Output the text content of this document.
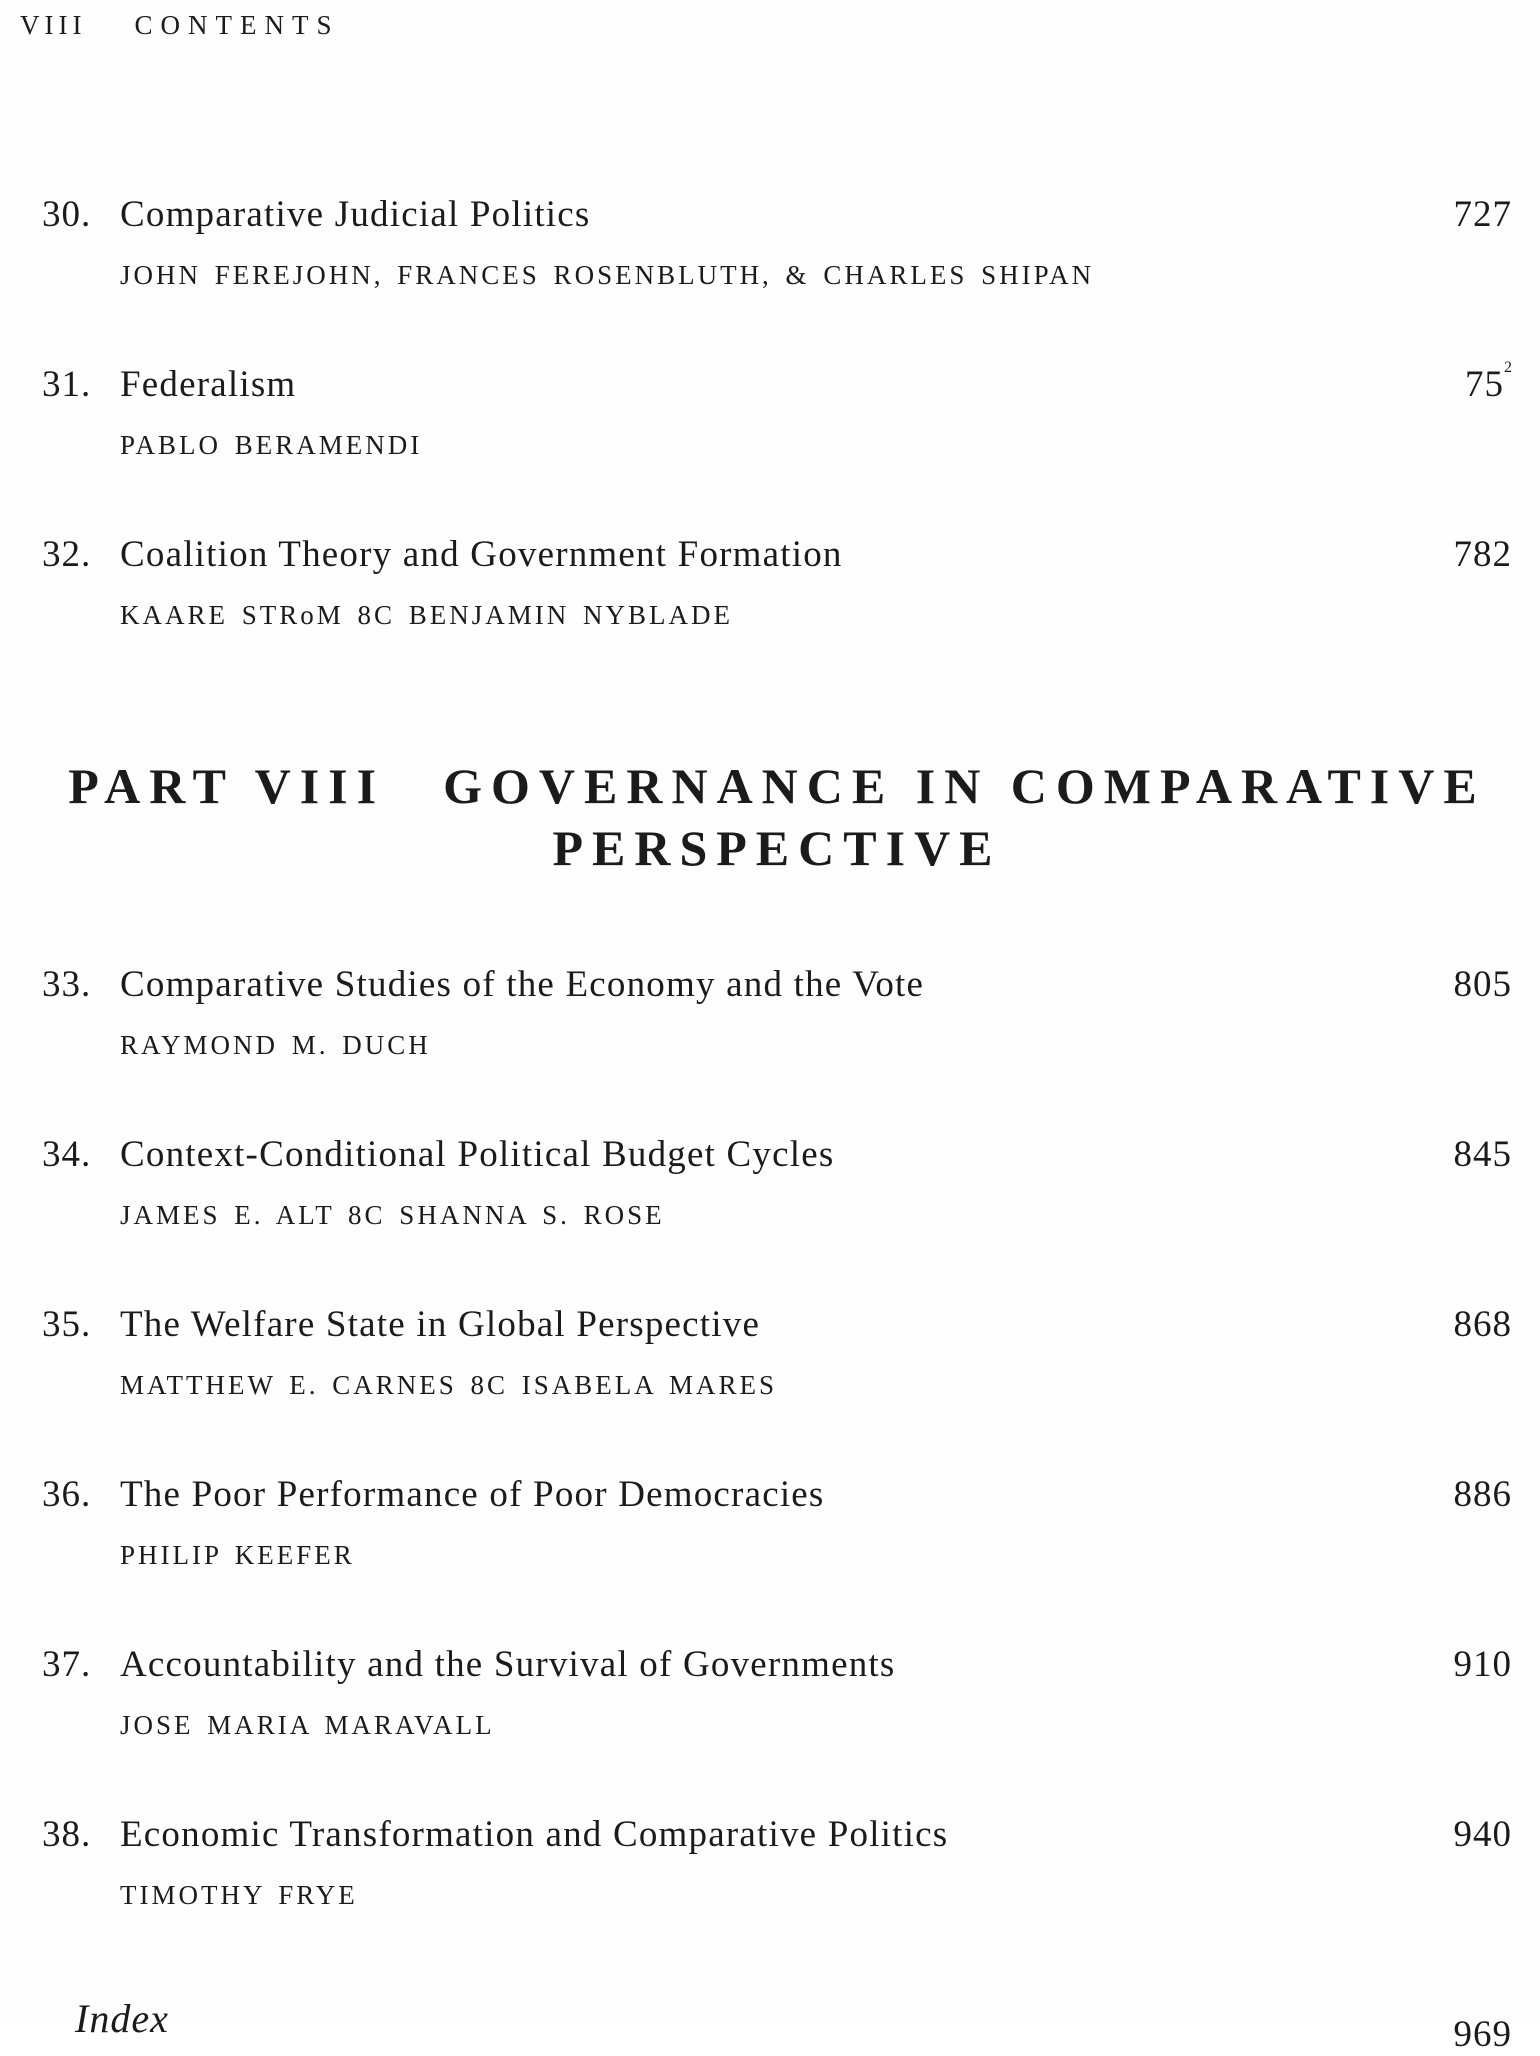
VIII CONTENTS
30. Comparative Judicial Politics	727
JOHN FEREJOHN, FRANCES ROSENBLUTH, & CHARLES SHIPAN
31. Federalism	$75^2$
PABLO BERAMENDI
32. Coalition Theory and Government Formation	782
KAARE STRoM 8C BENJAMIN NYBLADE
PART VIII GOVERNANCE IN COMPARATIVE
PERSPECTIVE
33. Comparative Studies of the Economy and the Vote	805
RAYMOND M. DUCH
34. Context-Conditional Political Budget Cycles	845
JAMES E. ALT 8C SHANNA S. ROSE
35. The Welfare State in Global Perspective	868
MATTHEW E. CARNES 8C ISABELA MARES
36. The Poor Performance of Poor Democracies	886
PHILIP KEEFER
37. Accountability and the Survival of Governments	910
JOSE MARIA MARAVALL
38. Economic Transformation and Comparative Politics	940
TIMOTHY FRYE
Index	969
